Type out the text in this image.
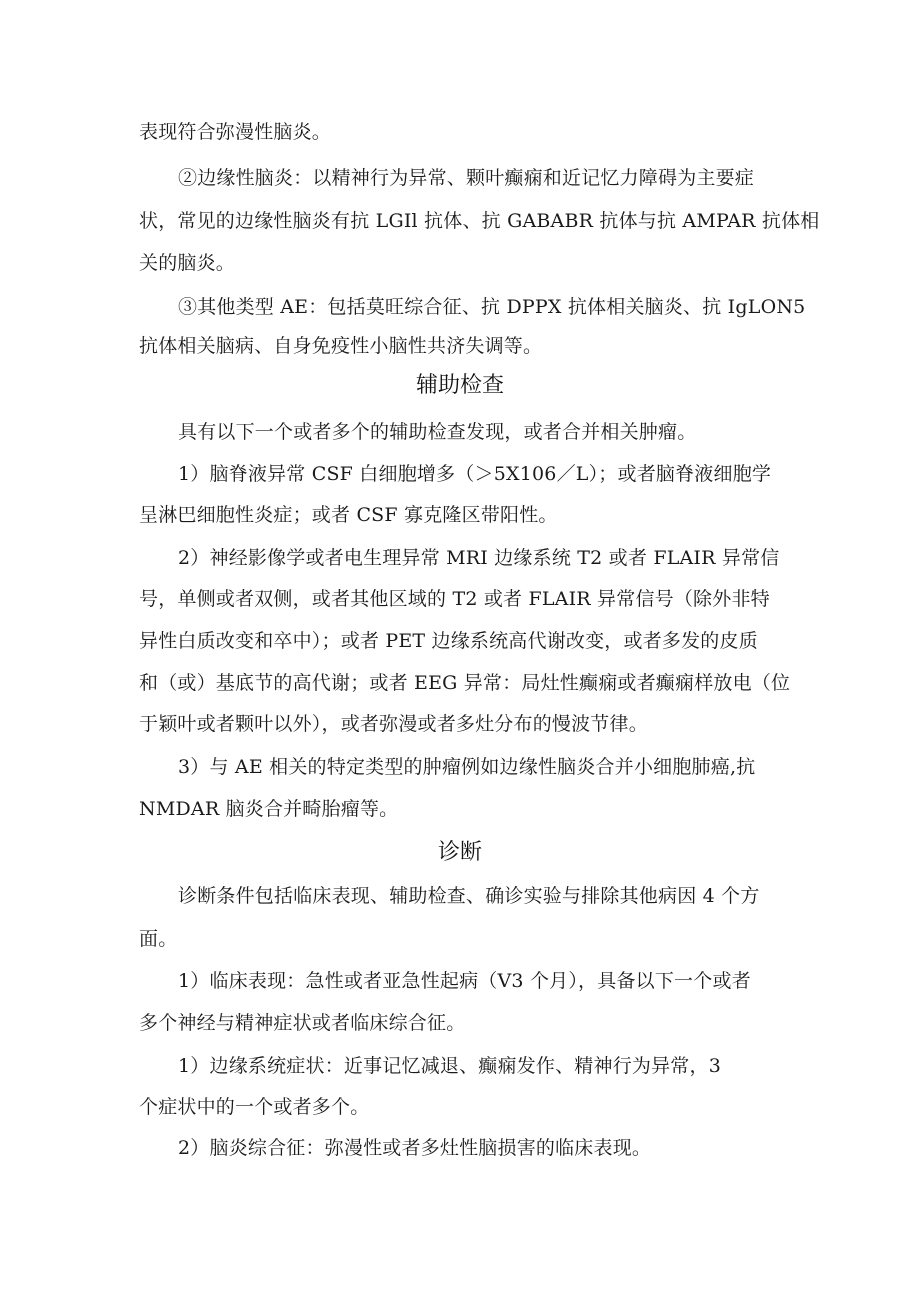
表现符合弥漫性脑炎。
②边缘性脑炎：以精神行为异常、颗叶癫痫和近记忆力障碍为主要症
状，常见的边缘性脑炎有抗 LGIl 抗体、抗 GABABR 抗体与抗 AMPAR 抗体相
关的脑炎。
③其他类型 AE：包括莫旺综合征、抗 DPPX 抗体相关脑炎、抗 IgLON5
抗体相关脑病、自身免疫性小脑性共济失调等。
辅助检查
具有以下一个或者多个的辅助检查发现，或者合并相关肿瘤。
1）脑脊液异常 CSF 白细胞增多（＞5X106／L）；或者脑脊液细胞学
呈淋巴细胞性炎症；或者 CSF 寡克隆区带阳性。
2）神经影像学或者电生理异常 MRI 边缘系统 T2 或者 FLAIR 异常信
号，单侧或者双侧，或者其他区域的 T2 或者 FLAIR 异常信号（除外非特
异性白质改变和卒中）；或者 PET 边缘系统高代谢改变，或者多发的皮质
和（或）基底节的高代谢；或者 EEG 异常：局灶性癫痫或者癫痫样放电（位
于颖叶或者颗叶以外），或者弥漫或者多灶分布的慢波节律。
3）与 AE 相关的特定类型的肿瘤例如边缘性脑炎合并小细胞肺癌,抗
NMDAR 脑炎合并畸胎瘤等。
诊断
诊断条件包括临床表现、辅助检查、确诊实验与排除其他病因 4 个方
面。
1）临床表现：急性或者亚急性起病（V3 个月），具备以下一个或者
多个神经与精神症状或者临床综合征。
1）边缘系统症状：近事记忆减退、癫痫发作、精神行为异常，3
个症状中的一个或者多个。
2）脑炎综合征：弥漫性或者多灶性脑损害的临床表现。
